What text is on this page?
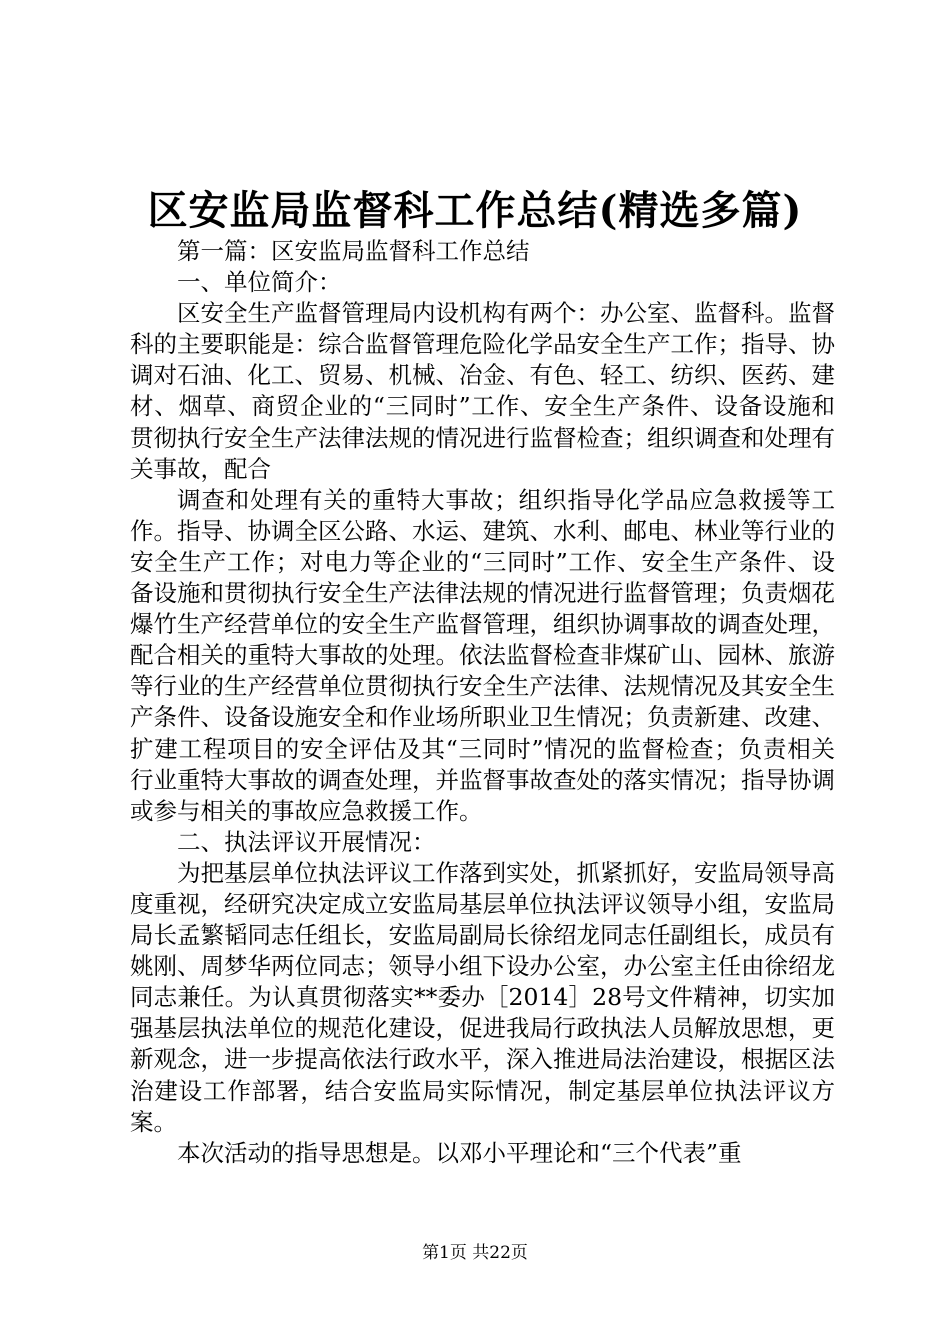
区安监局监督科工作总结(精选多篇)

第一篇：区安监局监督科工作总结

一、单位简介：

区安全生产监督管理局内设机构有两个：办公室、监督科。监督科的主要职能是：综合监督管理危险化学品安全生产工作；指导、协调对石油、化工、贸易、机械、冶金、有色、轻工、纺织、医药、建材、烟草、商贸企业的“三同时”工作、安全生产条件、设备设施和贯彻执行安全生产法律法规的情况进行监督检查；组织调查和处理有关事故，配合

调查和处理有关的重特大事故；组织指导化学品应急救援等工作。指导、协调全区公路、水运、建筑、水利、邮电、林业等行业的安全生产工作；对电力等企业的“三同时”工作、安全生产条件、设备设施和贯彻执行安全生产法律法规的情况进行监督管理；负责烟花爆竹生产经营单位的安全生产监督管理，组织协调事故的调查处理，配合相关的重特大事故的处理。依法监督检查非煤矿山、园林、旅游等行业的生产经营单位贯彻执行安全生产法律、法规情况及其安全生产条件、设备设施安全和作业场所职业卫生情况；负责新建、改建、扩建工程项目的安全评估及其“三同时”情况的监督检查；负责相关行业重特大事故的调查处理，并监督事故查处的落实情况；指导协调或参与相关的事故应急救援工作。

二、执法评议开展情况：

为把基层单位执法评议工作落到实处，抓紧抓好，安监局领导高度重视，经研究决定成立安监局基层单位执法评议领导小组，安监局局长孟繁韬同志任组长，安监局副局长徐绍龙同志任副组长，成员有姚刚、周梦华两位同志；领导小组下设办公室，办公室主任由徐绍龙同志兼任。为认真贯彻落实**委办［2014］28号文件精神，切实加强基层执法单位的规范化建设，促进我局行政执法人员解放思想，更新观念，进一步提高依法行政水平，深入推进局法治建设，根据区法治建设工作部署，结合安监局实际情况，制定基层单位执法评议方案。

本次活动的指导思想是。以邓小平理论和“三个代表”重

第1页 共22页
